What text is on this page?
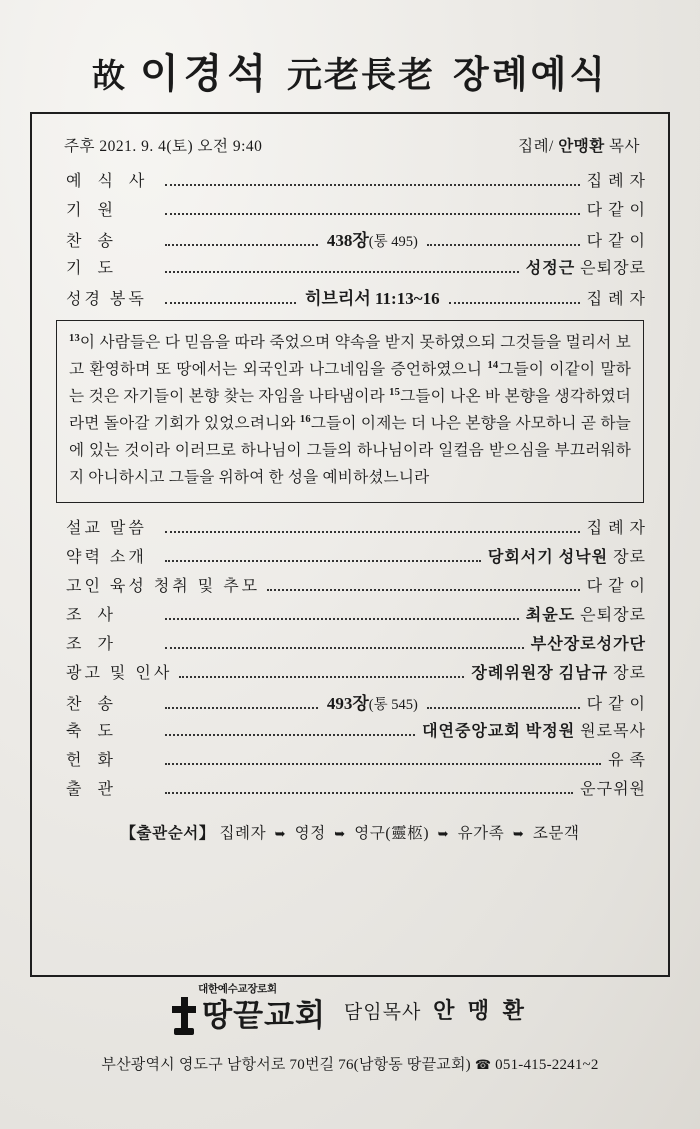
故 이경석 元老長老 장례예식
주후 2021. 9. 4(토) 오전 9:40	집례/ 안맹환 목사
예 식 사	집 례 자
기 원	다 같 이
찬 송	438장(통 495)	다 같 이
기 도	성정근 은퇴장로
성경 봉독	히브리서 11:13~16	집 례 자
$^{13}$이 사람들은 다 믿음을 따라 죽었으며 약속을 받지 못하였으되 그것들을 멀리서 보고 환영하며 또 땅에서는 외국인과 나그네임을 증언하였으니 $^{14}$그들이 이같이 말하는 것은 자기들이 본향 찾는 자임을 나타냄이라 $^{15}$그들이 나온 바 본향을 생각하였더라면 돌아갈 기회가 있었으려니와 $^{16}$그들이 이제는 더 나은 본향을 사모하니 곧 하늘에 있는 것이라 이러므로 하나님이 그들의 하나님이라 일컬음 받으심을 부끄러워하지 아니하시고 그들을 위하여 한 성을 예비하셨느니라
설교 말씀	집 례 자
약력 소개	당회서기 성낙원 장로
고인 육성 청취 및 추모	다 같 이
조 사	최윤도 은퇴장로
조 가	부산장로성가단
광고 및 인사	장례위원장 김남규 장로
찬 송	493장(통 545)	다 같 이
축 도	대연중앙교회 박정원 원로목사
헌 화	유 족
출 관	운구위원
【출관순서】 집례자 ➥ 영정 ➥ 영구(靈柩) ➥ 유가족 ➥ 조문객
대한예수교장로회
땅끝교회 담임목사 안 맹 환
부산광역시 영도구 남항서로 70번길 76(남항동 땅끝교회) ☎ 051-415-2241~2
